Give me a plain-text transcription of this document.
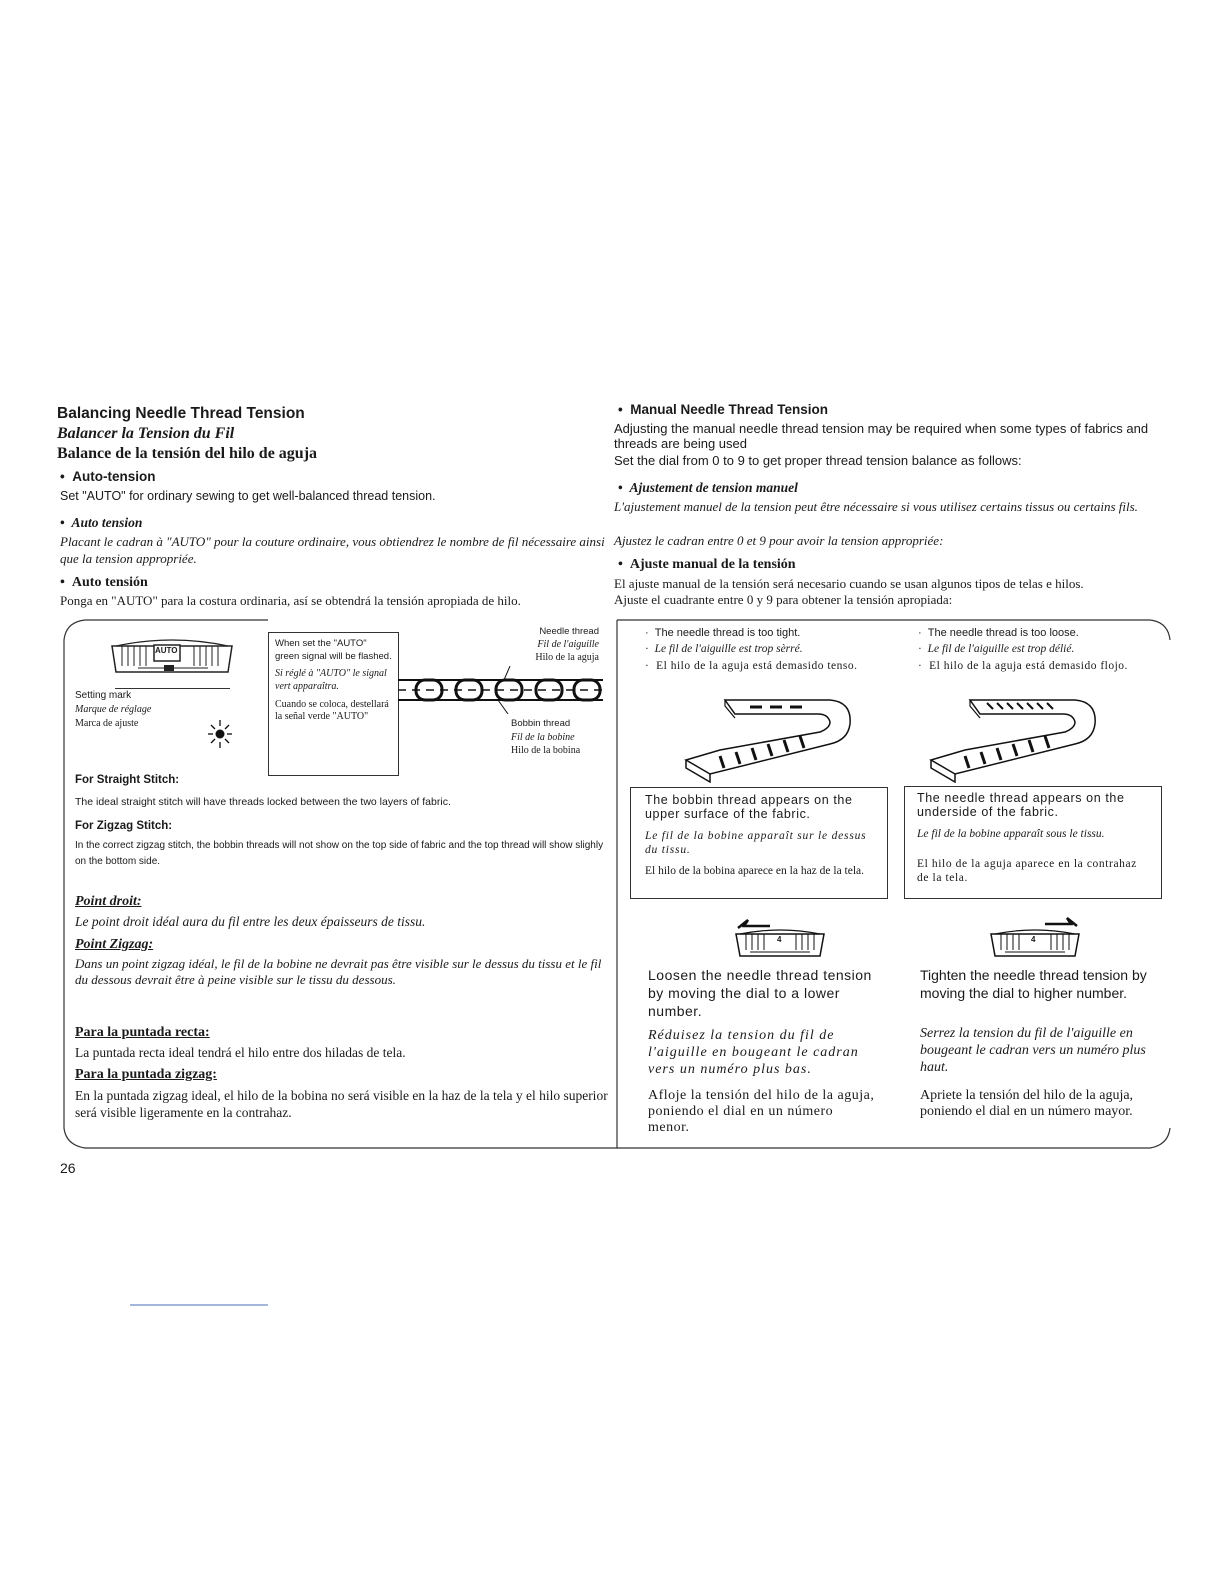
Balancing Needle Thread Tension
Balancer la Tension du Fil
Balance de la tensión del hilo de aguja
•  Auto-tension
Set "AUTO" for ordinary sewing to get well-balanced thread tension.
•  Auto tension
Placant le cadran à "AUTO" pour la couture ordinaire, vous obtiendrez le nombre de fil nécessaire ainsi que la tension appropriée.
•  Auto tensión
Ponga en "AUTO" para la costura ordinaria, así se obtendrá la tensión apropiada de hilo.
AUTO
Setting mark
Marque de réglage
Marca de ajuste
When set the "AUTO" green signal will be flashed.
Si réglé à "AUTO" le signal vert apparaîtra.
Cuando se coloca, destellará la señal verde "AUTO"
Needle thread
Fil de l'aiguille
Hilo de la aguja
Bobbin thread
Fil de la bobine
Hilo de la bobina
For Straight Stitch:
The ideal straight stitch will have threads locked between the two layers of fabric.
For Zigzag Stitch:
In the correct zigzag stitch, the bobbin threads will not show on the top side of fabric and the top thread will show slighly on the bottom side.
Point droit:
Le point droit idéal aura du fil entre les deux épaisseurs de tissu.
Point Zigzag:
Dans un point zigzag idéal, le fil de la bobine ne devrait pas être visible sur le dessus du tissu et le fil du dessous devrait être à peine visible sur le tissu du dessous.
Para la puntada recta:
La puntada recta ideal tendrá el hilo entre dos hiladas de tela.
Para la puntada zigzag:
En la puntada zigzag ideal, el hilo de la bobina no será visible en la haz de la tela y el hilo superior será visible ligeramente en la contrahaz.
•  Manual Needle Thread Tension
Adjusting the manual needle thread tension may be required when some types of fabrics and threads are being used
Set the dial from 0 to 9 to get proper thread tension balance as follows:
•  Ajustement de tension manuel
L'ajustement manuel de la tension peut être nécessaire si vous utilisez certains tissus ou certains fils.
Ajustez le cadran entre 0 et 9 pour avoir la tension appropriée:
•  Ajuste manual de la tensión
El ajuste manual de la tensión será necesario cuando se usan algunos tipos de telas e hilos.
Ajuste el cuadrante entre 0 y 9 para obtener la tensión apropiada:
·  The needle thread is too tight.
·  Le fil de l'aiguille est trop sèrré.
·  El hilo de la aguja está demasido tenso.
The bobbin thread appears on the upper surface of the fabric.
Le fil de la bobine apparaît sur le dessus du tissu.
El hilo de la bobina aparece en la haz de la tela.
·  The needle thread is too loose.
·  Le fil de l'aiguille est trop délié.
·  El hilo de la aguja está demasido flojo.
The needle thread appears on the underside of the fabric.
Le fil de la bobine apparaît sous le tissu.
El hilo de la aguja aparece en la contrahaz de la tela.
4
Loosen the needle thread tension by moving the dial to a lower number.
Réduisez la tension du fil de l'aiguille en bougeant le cadran vers un numéro plus bas.
Afloje la tensión del hilo de la aguja, poniendo el dial en un número menor.
4
Tighten the needle thread tension by moving the dial to higher number.
Serrez la tension du fil de l'aiguille en bougeant le cadran vers un numéro plus haut.
Apriete la tensión del hilo de la aguja, poniendo el dial en un número mayor.
26
